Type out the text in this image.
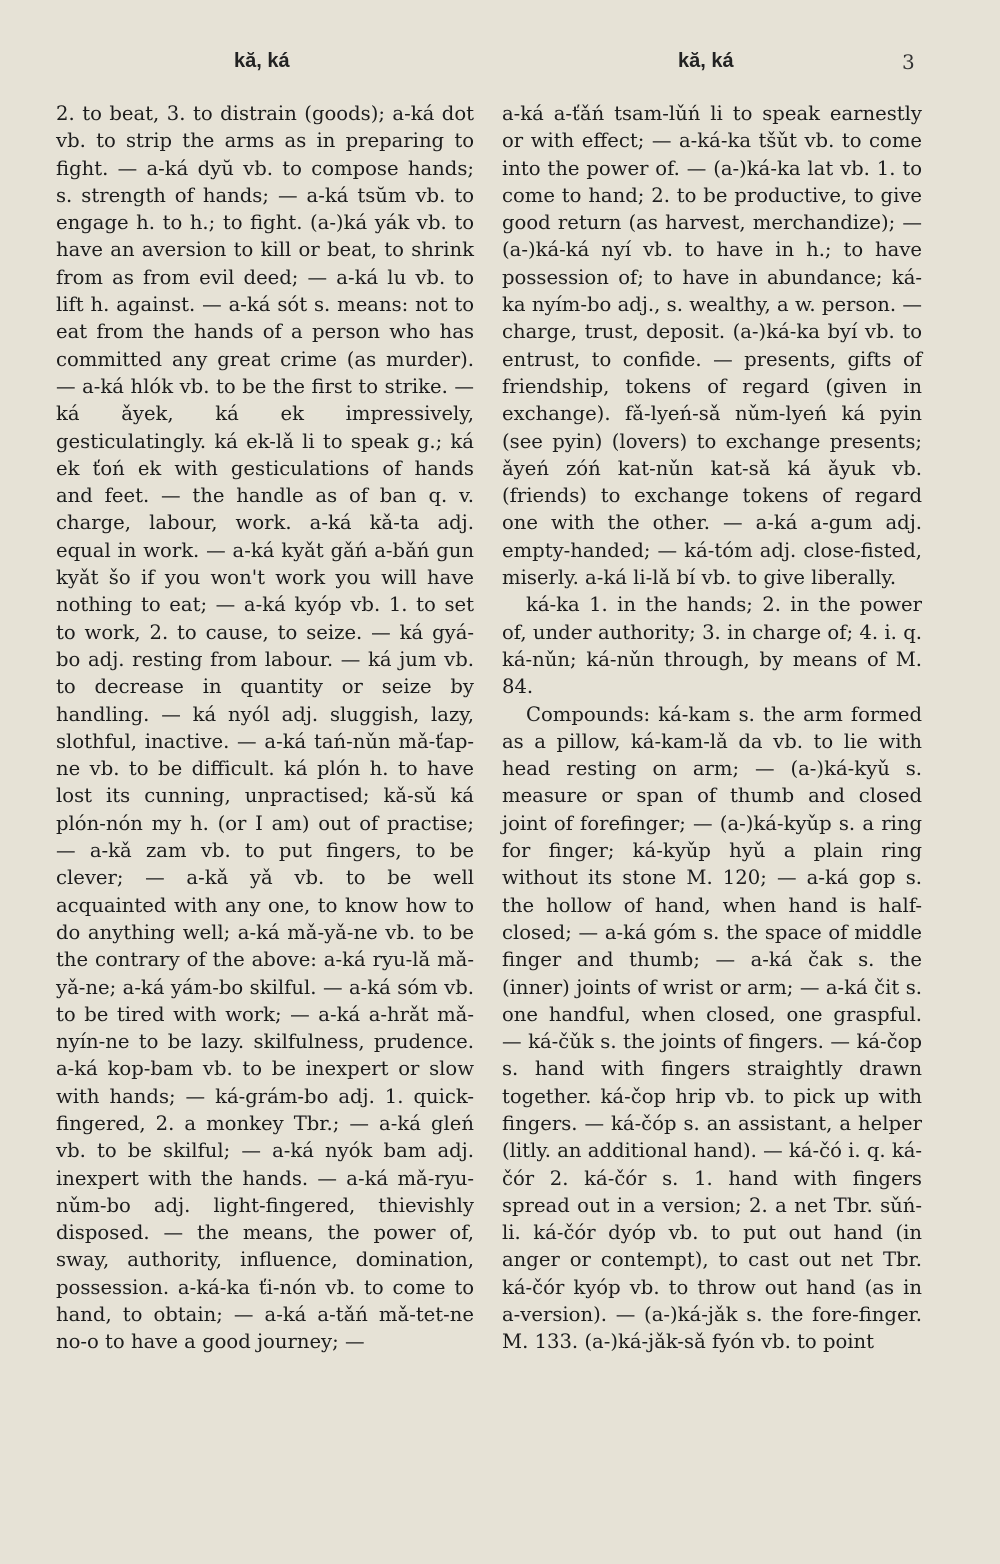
kă, ká	kă, ká	3

2. to beat, 3. to distrain (goods); a-ká dot vb. to strip the arms as in preparing to fight. — a-ká dyŭ vb. to compose hands; s. strength of hands; — a-ká tsŭm vb. to engage h. to h.; to fight. (a-)ká yák vb. to have an aversion to kill or beat, to shrink from as from evil deed; — a-ká lu vb. to lift h. against. — a-ká sót s. means: not to eat from the hands of a person who has committed any great crime (as murder). — a-ká hlók vb. to be the first to strike. — ká ǎyek, ká ek impressively, gesticulatingly. ká ek-lǎ li to speak g.; ká ek ťoń ek with gesticulations of hands and feet. — the handle as of ban q. v. charge, labour, work. a-ká kǎ-ta adj. equal in work. — a-ká kyǎt gǎń a-bǎń gun kyǎt šo if you won't work you will have nothing to eat; — a-ká kyóp vb. 1. to set to work, 2. to cause, to seize. — ká gyá-bo adj. resting from labour. — ká jum vb. to decrease in quantity or seize by handling. — ká nyól adj. sluggish, lazy, slothful, inactive. — a-ká tań-nǔn mǎ-ťap-ne vb. to be difficult. ká plón h. to have lost its cunning, unpractised; kǎ-sǔ ká plón-nón my h. (or I am) out of practise; — a-kǎ zam vb. to put fingers, to be clever; — a-kǎ yǎ vb. to be well acquainted with any one, to know how to do anything well; a-ká mǎ-yǎ-ne vb. to be the contrary of the above: a-ká ryu-lǎ mǎ-yǎ-ne; a-ká yám-bo skilful. — a-ká sóm vb. to be tired with work; — a-ká a-hrǎt mǎ-nyín-ne to be lazy. skilfulness, prudence. a-ká kop-bam vb. to be inexpert or slow with hands; — ká-grám-bo adj. 1. quick-fingered, 2. a monkey Tbr.; — a-ká gleń vb. to be skilful; — a-ká nyók bam adj. inexpert with the hands. — a-ká mǎ-ryu-nǔm-bo adj. light-fingered, thievishly disposed. — the means, the power of, sway, authority, influence, domination, possession. a-ká-ka ťi-nón vb. to come to hand, to obtain; — a-ká a-tǎń mǎ-tet-ne no-o to have a good journey; —

a-ká a-ťǎń tsam-lǔń li to speak earnestly or with effect; — a-ká-ka tšǔt vb. to come into the power of. — (a-)ká-ka lat vb. 1. to come to hand; 2. to be productive, to give good return (as harvest, merchandize); — (a-)ká-ká nyí vb. to have in h.; to have possession of; to have in abundance; ká-ka nyím-bo adj., s. wealthy, a w. person. — charge, trust, deposit. (a-)ká-ka byí vb. to entrust, to confide. — presents, gifts of friendship, tokens of regard (given in exchange). fǎ-lyeń-sǎ nǔm-lyeń ká pyin (see pyin) (lovers) to exchange presents; ǎyeń zóń kat-nǔn kat-sǎ ká ǎyuk vb. (friends) to exchange tokens of regard one with the other. — a-ká a-gum adj. empty-handed; — ká-tóm adj. close-fisted, miserly. a-ká li-lǎ bí vb. to give liberally.

ká-ka 1. in the hands; 2. in the power of, under authority; 3. in charge of; 4. i. q. ká-nǔn; ká-nǔn through, by means of M. 84.

Compounds: ká-kam s. the arm formed as a pillow, ká-kam-lǎ da vb. to lie with head resting on arm; — (a-)ká-kyǔ s. measure or span of thumb and closed joint of forefinger; — (a-)ká-kyǔp s. a ring for finger; ká-kyǔp hyǔ a plain ring without its stone M. 120; — a-ká gop s. the hollow of hand, when hand is half-closed; — a-ká góm s. the space of middle finger and thumb; — a-ká čak s. the (inner) joints of wrist or arm; — a-ká čit s. one handful, when closed, one graspful. — ká-čǔk s. the joints of fingers. — ká-čop s. hand with fingers straightly drawn together. ká-čop hrip vb. to pick up with fingers. — ká-čóp s. an assistant, a helper (litly. an additional hand). — ká-čó i. q. ká-čór 2. ká-čór s. 1. hand with fingers spread out in a version; 2. a net Tbr. sǔń-li. ká-čór dyóp vb. to put out hand (in anger or contempt), to cast out net Tbr. ká-čór kyóp vb. to throw out hand (as in a-version). — (a-)ká-jǎk s. the fore-finger. M. 133. (a-)ká-jǎk-sǎ fyón vb. to point
